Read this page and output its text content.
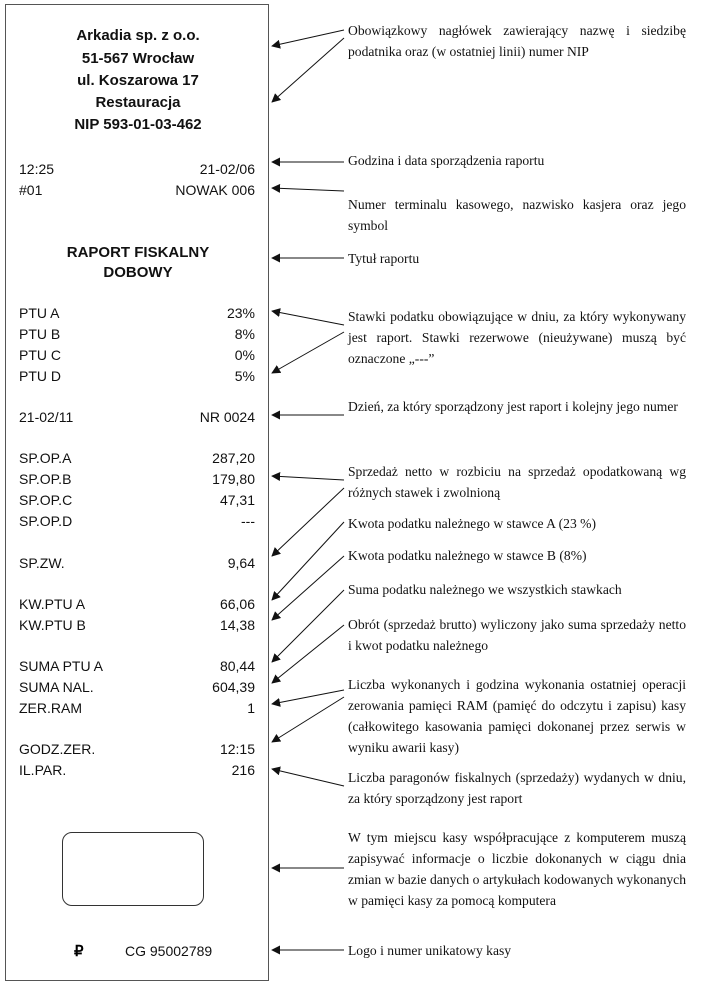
Arkadia sp. z o.o.
51-567 Wrocław
ul. Koszarowa 17
Restauracja
NIP 593-01-03-462
12:25	21-02/06
#01	NOWAK 006
RAPORT FISKALNY
DOBOWY
PTU A	23%
PTU B	8%
PTU C	0%
PTU D	5%
21-02/11	NR 0024
SP.OP.A	287,20
SP.OP.B	179,80
SP.OP.C	47,31
SP.OP.D	---
SP.ZW.	9,64
KW.PTU A	66,06
KW.PTU B	14,38
SUMA PTU A	80,44
SUMA NAL.	604,39
ZER.RAM	1
GODZ.ZER.	12:15
IL.PAR.	216
₽	CG 95002789
Obowiązkowy nagłówek zawierający nazwę i siedzibę podatnika oraz (w ostatniej linii) numer NIP
Godzina i data sporządzenia raportu
Numer terminalu kasowego, nazwisko kasjera oraz jego symbol
Tytuł raportu
Stawki podatku obowiązujące w dniu, za który wykonywany jest raport. Stawki rezerwowe (nieużywane) muszą być oznaczone „---”
Dzień, za który sporządzony jest raport i kolejny jego numer
Sprzedaż netto w rozbiciu na sprzedaż opodatkowaną wg różnych stawek i zwolnioną
Kwota podatku należnego w stawce A (23 %)
Kwota podatku należnego w stawce B (8%)
Suma podatku należnego we wszystkich stawkach
Obrót (sprzedaż brutto) wyliczony jako suma sprzedaży netto i kwot podatku należnego
Liczba wykonanych i godzina wykonania ostatniej operacji zerowania pamięci RAM (pamięć do odczytu i zapisu) kasy (całkowitego kasowania pamięci dokonanej przez serwis w wyniku awarii kasy)
Liczba paragonów fiskalnych (sprzedaży) wydanych w dniu, za który sporządzony jest raport
W tym miejscu kasy współpracujące z komputerem muszą zapisywać informacje o liczbie dokonanych w ciągu dnia zmian w bazie danych o artykułach kodowanych wykonanych w pamięci kasy za pomocą komputera
Logo i numer unikatowy kasy
